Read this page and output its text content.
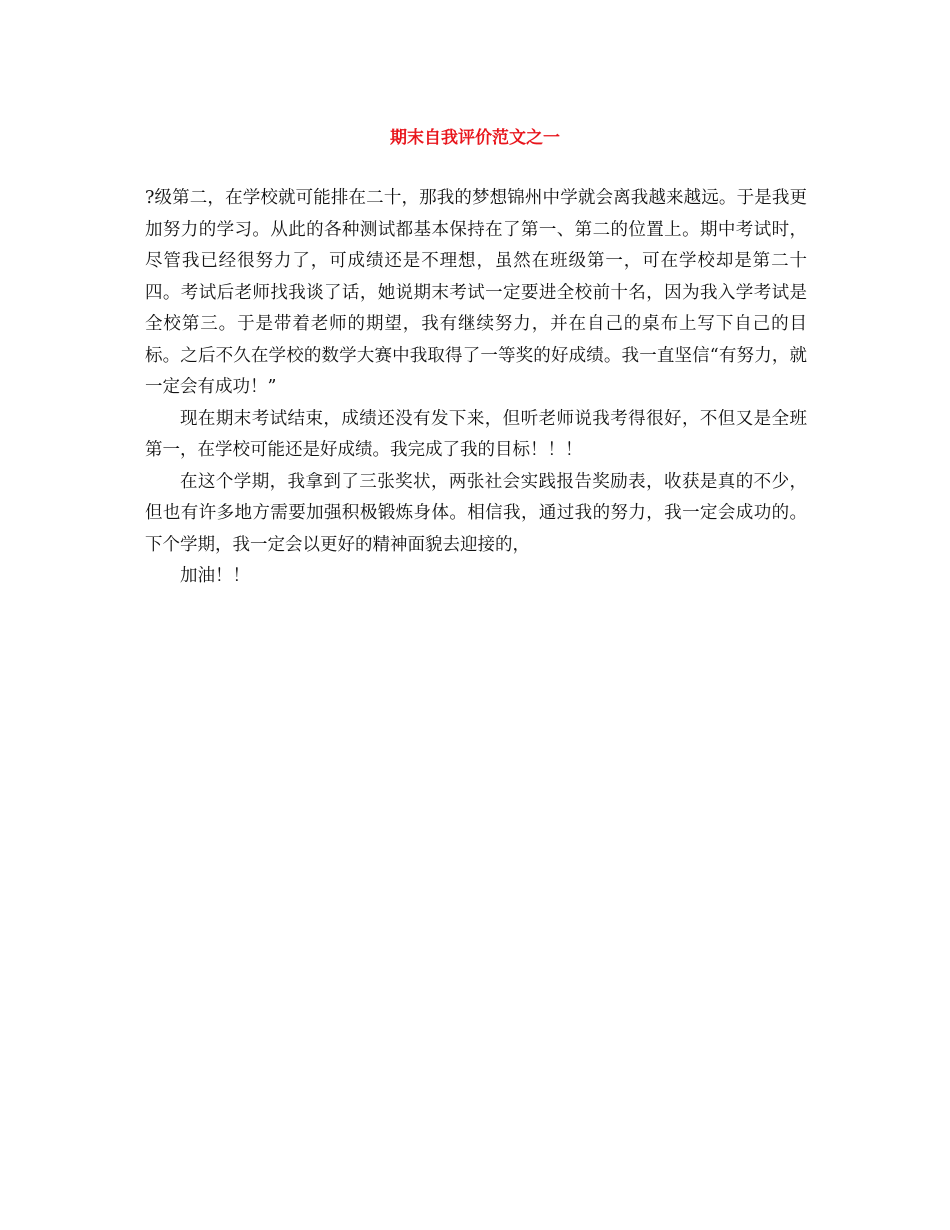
期末自我评价范文之一

?级第二，在学校就可能排在二十，那我的梦想锦州中学就会离我越来越远。于是我更加努力的学习。从此的各种测试都基本保持在了第一、第二的位置上。期中考试时，尽管我已经很努力了，可成绩还是不理想，虽然在班级第一，可在学校却是第二十四。考试后老师找我谈了话，她说期末考试一定要进全校前十名，因为我入学考试是全校第三。于是带着老师的期望，我有继续努力，并在自己的桌布上写下自己的目标。之后不久在学校的数学大赛中我取得了一等奖的好成绩。我一直坚信“有努力，就一定会有成功！”

现在期末考试结束，成绩还没有发下来，但听老师说我考得很好，不但又是全班第一，在学校可能还是好成绩。我完成了我的目标！！！

在这个学期，我拿到了三张奖状，两张社会实践报告奖励表，收获是真的不少，但也有许多地方需要加强积极锻炼身体。相信我，通过我的努力，我一定会成功的。下个学期，我一定会以更好的精神面貌去迎接的，

加油！！
